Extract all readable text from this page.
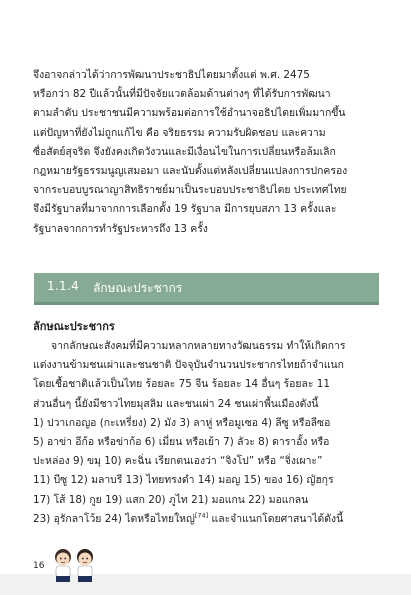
จึงอาจกล่าวได้ว่าการพัฒนาประชาธิปไตยมาตั้งแต่ พ.ศ. 2475
หรือกว่า 82 ปีแล้วนั้นที่มีปัจจัยแวดล้อมด้านต่างๆ ที่ได้รับการพัฒนา
ตามลำดับ ประชาชนมีความพร้อมต่อการใช้อำนาจอธิปไตยเพิ่มมากขึ้น
แต่ปัญหาที่ยังไม่ถูกแก้ไข คือ จริยธรรม ความรับผิดชอบ และความ
ซื่อสัตย์สุจริต จึงยังคงเกิดวังวนและมีเงื่อนไขในการเปลี่ยนหรือล้มเลิก
กฎหมายรัฐธรรมนูญเสมอมา และนับตั้งแต่หลังเปลี่ยนแปลงการปกครอง
จากระบอบบูรณาญาสิทธิราชย์มาเป็นระบอบประชาธิปไตย ประเทศไทย
จึงมีรัฐบาลที่มาจากการเลือกตั้ง 19 รัฐบาล มีการยุบสภา 13 ครั้งและ
รัฐบาลจากการทำรัฐประหารถึง 13 ครั้ง
1.1.4 ลักษณะประชากร
ลักษณะประชากร
จากลักษณะสังคมที่มีความหลากหลายทางวัฒนธรรม ทำให้เกิดการ
แต่งงานข้ามชนเผ่าและชนชาติ ปัจจุบันจำนวนประชากรไทยถ้าจำแนก
โดยเชื้อชาติแล้วเป็นไทย ร้อยละ 75 จีน ร้อยละ 14 อื่นๆ ร้อยละ 11
ส่วนอื่นๆ นี้ยังมีชาวไทยมุสลิม และชนเผ่า 24 ชนเผ่าพื้นเมืองดังนี้
1) ปวาเกอญอ (กะเหรี่ยง) 2) มัง 3) ลาหู่ หรือมูเซอ 4) ลีซู หรือลีซอ
5) อาข่า อีก้อ หรือข่าก้อ 6) เมี่ยน หรือเย้า 7) ลัวะ 8) ดาราอั้ง หรือ
ปะหล่อง 9) ขมุ 10) คะฉิ่น เรียกตนเองว่า “จิงโป” หรือ “จิ่งเผาะ”
11) บีซู 12) มลาบรี 13) ไทยทรงดำ 14) มอญ 15) ของ 16) ญัฮกุร
17) โส้ 18) กูย 19) แสก 20) ภูไท 21) มอแกน 22) มอแกลน
23) อุรักลาโว้ย 24) ไตหรือไทยใหญ่[74] และจำแนกโดยศาสนาได้ดังนี้
16
